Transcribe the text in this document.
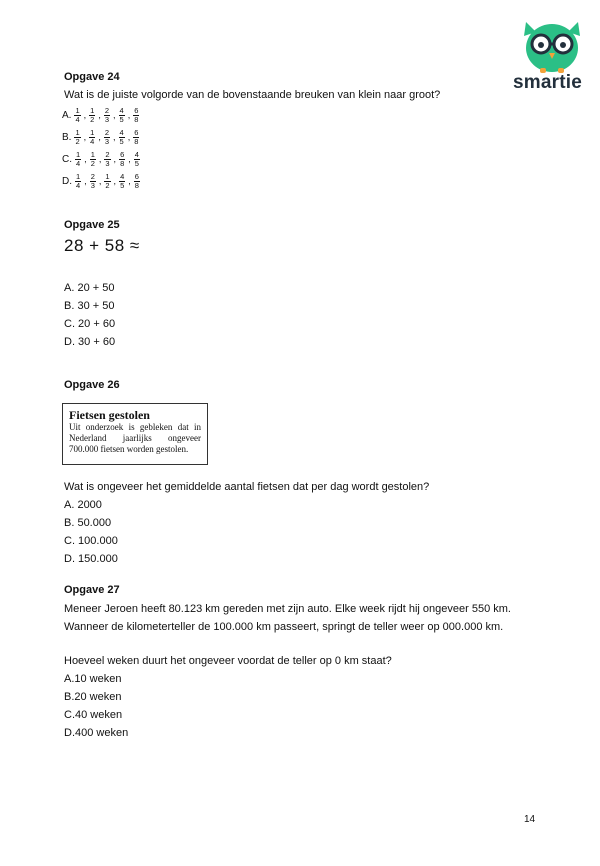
smartie
Opgave 24
Wat is de juiste volgorde van de bovenstaande breuken van klein naar groot?
A. $\frac{1}{4}$ , $\frac{1}{2}$ , $\frac{2}{3}$ , $\frac{4}{5}$ , $\frac{6}{8}$
B. $\frac{1}{2}$ , $\frac{1}{4}$ , $\frac{2}{3}$ , $\frac{4}{5}$ , $\frac{6}{8}$
C. $\frac{1}{4}$ , $\frac{1}{2}$ , $\frac{2}{3}$ , $\frac{6}{8}$ , $\frac{4}{5}$
D. $\frac{1}{4}$ , $\frac{2}{3}$ , $\frac{1}{2}$ , $\frac{4}{5}$ , $\frac{6}{8}$
Opgave 25
28 + 58 ≈
A. 20 + 50
B. 30 + 50
C. 20 + 60
D. 30 + 60
Opgave 26
Fietsen gestolen
Uit onderzoek is gebleken dat in Nederland jaarlijks ongeveer 700.000 fietsen worden gestolen.
Wat is ongeveer het gemiddelde aantal fietsen dat per dag wordt gestolen?
A. 2000
B. 50.000
C. 100.000
D. 150.000
Opgave 27
Meneer Jeroen heeft 80.123 km gereden met zijn auto. Elke week rijdt hij ongeveer 550 km.
Wanneer de kilometerteller de 100.000 km passeert, springt de teller weer op 000.000 km.
Hoeveel weken duurt het ongeveer voordat de teller op 0 km staat?
A.10 weken
B.20 weken
C.40 weken
D.400 weken
14
